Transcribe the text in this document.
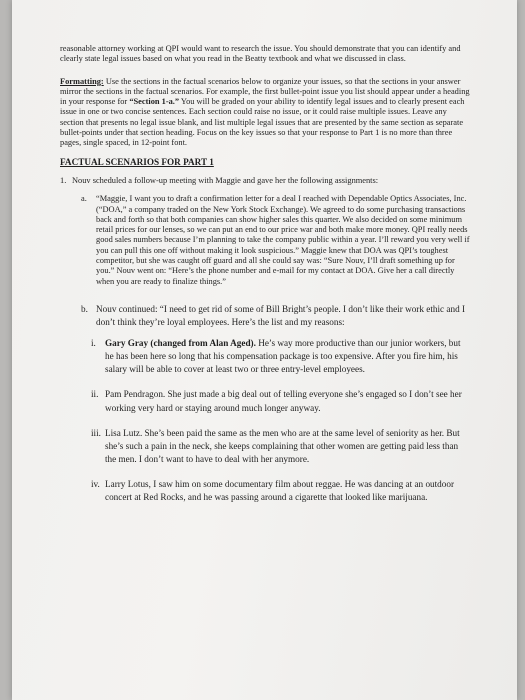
reasonable attorney working at QPI would want to research the issue. You should demonstrate that you can identify and clearly state legal issues based on what you read in the Beatty textbook and what we discussed in class.

Formatting: Use the sections in the factual scenarios below to organize your issues, so that the sections in your answer mirror the sections in the factual scenarios. For example, the first bullet-point issue you list should appear under a heading in your response for “Section 1-a.” You will be graded on your ability to identify legal issues and to clearly present each issue in one or two concise sentences. Each section could raise no issue, or it could raise multiple issues. Leave any section that presents no legal issue blank, and list multiple legal issues that are presented by the same section as separate bullet-points under that section heading. Focus on the key issues so that your response to Part 1 is no more than three pages, single spaced, in 12-point font.

FACTUAL SCENARIOS FOR PART 1
1. Nouv scheduled a follow-up meeting with Maggie and gave her the following assignments:

a. “Maggie, I want you to draft a confirmation letter for a deal I reached with Dependable Optics Associates, Inc. (“DOA,” a company traded on the New York Stock Exchange). We agreed to do some purchasing transactions back and forth so that both companies can show higher sales this quarter. We also decided on some minimum retail prices for our lenses, so we can put an end to our price war and both make more money. QPI really needs good sales numbers because I’m planning to take the company public within a year. I’ll reward you very well if you can pull this one off without making it look suspicious.” Maggie knew that DOA was QPI’s toughest competitor, but she was caught off guard and all she could say was: “Sure Nouv, I’ll draft something up for you.” Nouv went on: “Here’s the phone number and e-mail for my contact at DOA. Give her a call directly when you are ready to finalize things.”

b. Nouv continued: “I need to get rid of some of Bill Bright’s people. I don’t like their work ethic and I don’t think they’re loyal employees. Here’s the list and my reasons:

i. Gary Gray (changed from Alan Aged). He’s way more productive than our junior workers, but he has been here so long that his compensation package is too expensive. After you fire him, his salary will be able to cover at least two or three entry-level employees.

ii. Pam Pendragon. She just made a big deal out of telling everyone she’s engaged so I don’t see her working very hard or staying around much longer anyway.

iii. Lisa Lutz. She’s been paid the same as the men who are at the same level of seniority as her. But she’s such a pain in the neck, she keeps complaining that other women are getting paid less than the men. I don’t want to have to deal with her anymore.

iv. Larry Lotus, I saw him on some documentary film about reggae. He was dancing at an outdoor concert at Red Rocks, and he was passing around a cigarette that looked like marijuana.
